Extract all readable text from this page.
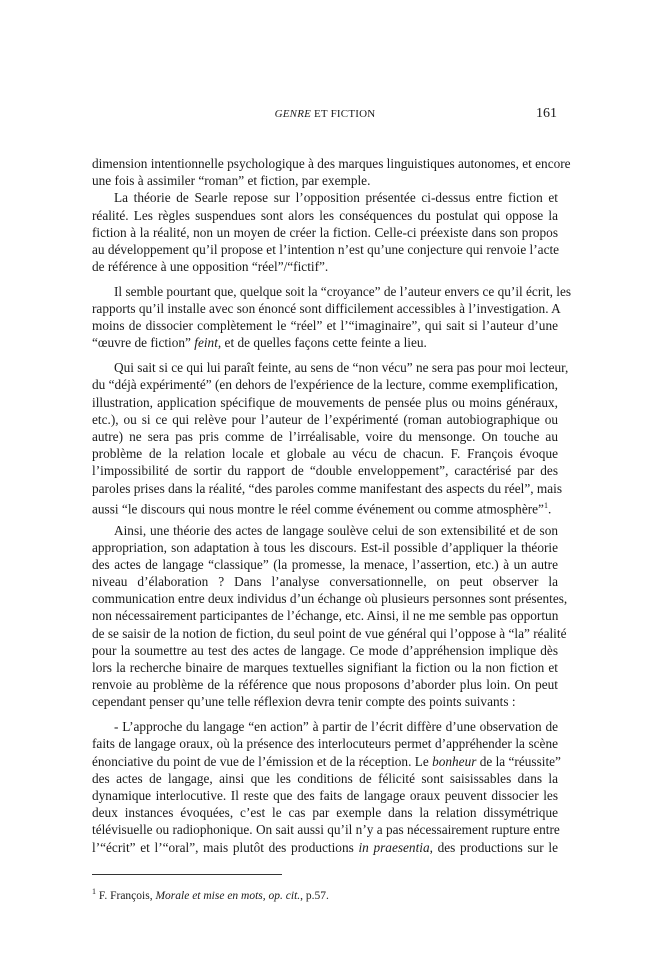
GENRE ET FICTION	161
dimension intentionnelle psychologique à des marques linguistiques autonomes, et encore
une fois à assimiler “roman” et fiction, par exemple.
La théorie de Searle repose sur l’opposition présentée ci-dessus entre fiction et
réalité. Les règles suspendues sont alors les conséquences du postulat qui oppose la
fiction à la réalité, non un moyen de créer la fiction. Celle-ci préexiste dans son propos
au développement qu’il propose et l’intention n’est qu’une conjecture qui renvoie l’acte
de référence à une opposition “réel”/“fictif”.
Il semble pourtant que, quelque soit la “croyance” de l’auteur envers ce qu’il écrit, les
rapports qu’il installe avec son énoncé sont difficilement accessibles à l’investigation. A
moins de dissocier complètement le “réel” et l’“imaginaire”, qui sait si l’auteur d’une
“œuvre de fiction” feint, et de quelles façons cette feinte a lieu.
Qui sait si ce qui lui paraît feinte, au sens de “non vécu” ne sera pas pour moi lecteur,
du “déjà expérimenté” (en dehors de l'expérience de la lecture, comme exemplification,
illustration, application spécifique de mouvements de pensée plus ou moins généraux,
etc.), ou si ce qui relève pour l’auteur de l’expérimenté (roman autobiographique ou
autre) ne sera pas pris comme de l’irréalisable, voire du mensonge. On touche au
problème de la relation locale et globale au vécu de chacun. F. François évoque
l’impossibilité de sortir du rapport de “double enveloppement”, caractérisé par des
paroles prises dans la réalité, “des paroles comme manifestant des aspects du réel”, mais
aussi “le discours qui nous montre le réel comme événement ou comme atmosphère”$^1$.
Ainsi, une théorie des actes de langage soulève celui de son extensibilité et de son
appropriation, son adaptation à tous les discours. Est-il possible d’appliquer la théorie
des actes de langage “classique” (la promesse, la menace, l’assertion, etc.) à un autre
niveau d’élaboration ? Dans l’analyse conversationnelle, on peut observer la
communication entre deux individus d’un échange où plusieurs personnes sont présentes,
non nécessairement participantes de l’échange, etc. Ainsi, il ne me semble pas opportun
de se saisir de la notion de fiction, du seul point de vue général qui l’oppose à “la” réalité
pour la soumettre au test des actes de langage. Ce mode d’appréhension implique dès
lors la recherche binaire de marques textuelles signifiant la fiction ou la non fiction et
renvoie au problème de la référence que nous proposons d’aborder plus loin. On peut
cependant penser qu’une telle réflexion devra tenir compte des points suivants :
- L’approche du langage “en action” à partir de l’écrit diffère d’une observation de
faits de langage oraux, où la présence des interlocuteurs permet d’appréhender la scène
énonciative du point de vue de l’émission et de la réception. Le bonheur de la “réussite”
des actes de langage, ainsi que les conditions de félicité sont saisissables dans la
dynamique interlocutive. Il reste que des faits de langage oraux peuvent dissocier les
deux instances évoquées, c’est le cas par exemple dans la relation dissymétrique
télévisuelle ou radiophonique. On sait aussi qu’il n’y a pas nécessairement rupture entre
l’“écrit” et l’“oral”, mais plutôt des productions in praesentia, des productions sur le
$^1$ F. François, Morale et mise en mots, op. cit., p.57.
